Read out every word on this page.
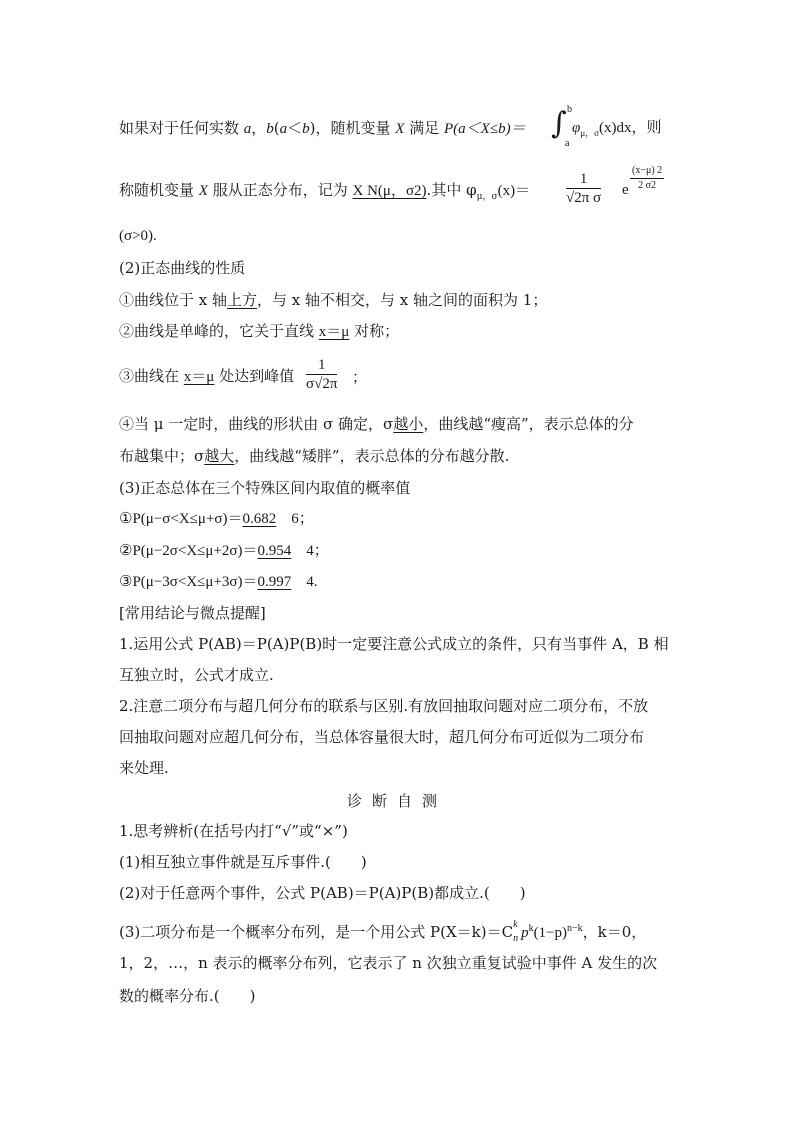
如果对于任何实数 a，b(a＜b)，随机变量 X 满足 P(a＜X≤b)＝ ∫ b
a
$\varphi_{\mu,\sigma}(x)dx$，则
称随机变量 X 服从正态分布，记为 X N(μ，σ2).其中 $\varphi_{\mu,\sigma}(x)= \frac{1}{\text{√2π σ}}$ e $\frac{(x-\mu) 2}{2 \sigma 2}$
(σ>0).
(2)正态曲线的性质
①曲线位于 x 轴上方，与 x 轴不相交，与 x 轴之间的面积为 1；
②曲线是单峰的，它关于直线 x＝μ 对称；
③曲线在 x＝μ 处达到峰值 $\frac{1}{\sigma√2\pi}$ ；
④当 μ 一定时，曲线的形状由 σ 确定，σ越小，曲线越“瘦高”，表示总体的分
布越集中；σ越大，曲线越“矮胖”，表示总体的分布越分散.
(3)正态总体在三个特殊区间内取值的概率值
①P(μ−σ<X≤μ+σ)＝0.682　6；
②P(μ−2σ<X≤μ+2σ)＝0.954　4；
③P(μ−3σ<X≤μ+3σ)＝0.997　4.
[常用结论与微点提醒]
1.运用公式 P(AB)＝P(A)P(B)时一定要注意公式成立的条件，只有当事件 A，B 相
互独立时，公式才成立.
2.注意二项分布与超几何分布的联系与区别.有放回抽取问题对应二项分布，不放
回抽取问题对应超几何分布，当总体容量很大时，超几何分布可近似为二项分布
来处理.
诊断自测
1.思考辨析(在括号内打“√”或“×”)
(1)相互独立事件就是互斥事件.(　　)
(2)对于任意两个事件，公式 P(AB)＝P(A)P(B)都成立.(　　)
(3)二项分布是一个概率分布列，是一个用公式 P(X＝k)＝C k
n $p^k(1-p)^{n-k}$，k＝0，
1，2，…，n 表示的概率分布列，它表示了 n 次独立重复试验中事件 A 发生的次
数的概率分布.(　　)
